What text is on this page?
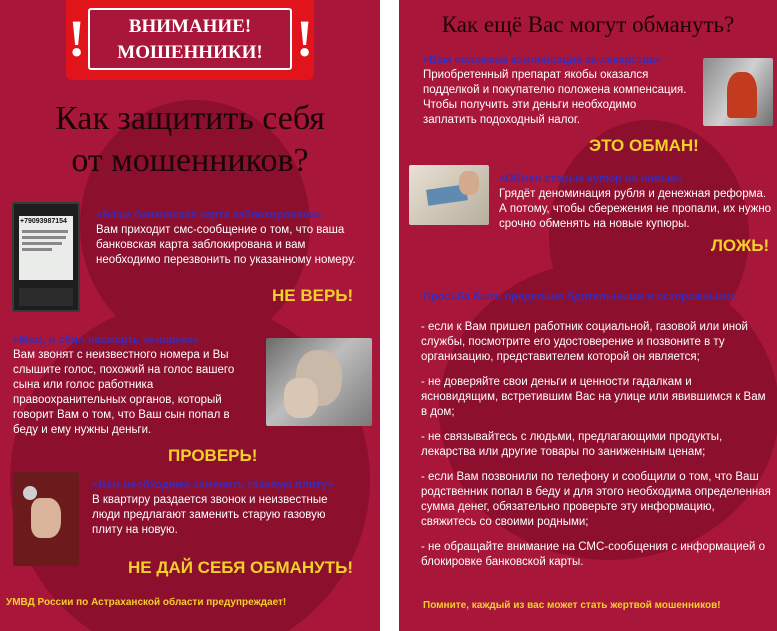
ВНИМАНИЕ!
МОШЕННИКИ!
!	!
Как защитить себя
от мошенников?
+79093987154
«Ваша банковская карта заблокирована»
Вам приходит смс-сообщение о том, что ваша банковская карта заблокирована и вам необходимо перезвонить по указанному номеру.
НЕ ВЕРЬ!
«Мам, я сбил насмерть человека»
Вам звонят с неизвестного номера и Вы слышите голос, похожий на голос вашего сына или голос работника правоохранительных органов, который говорит Вам о том, что Ваш сын попал в беду и ему нужны деньги.
ПРОВЕРЬ!
«Вам необходимо заменить газовую плиту»
В квартиру раздается звонок и неизвестные люди предлагают заменить старую газовую плиту на новую.
НЕ ДАЙ СЕБЯ ОБМАНУТЬ!
УМВД России по Астраханской области предупреждает!
Как ещё Вас могут обмануть?
«Вам положена компенсация за лекарства»
Приобретенный препарат якобы оказался подделкой и покупателю положена компенсация. Чтобы получить эти деньги необходимо заплатить подоходный налог.
ЭТО ОБМАН!
«Обмен старых купюр на новые»
Грядёт деноминация рубля и денежная реформа. А потому, чтобы сбережения не пропали, их нужно срочно обменять на новые купюры.
ЛОЖЬ!
Просьба быть предельно бдительными и осторожными:
- если к Вам пришел работник социальной, газовой или иной службы, посмотрите его удостоверение и позвоните в ту организацию, представителем которой он является;
- не доверяйте свои деньги и ценности гадалкам и ясновидящим, встретившим Вас на улице или явившимся к Вам в дом;
- не связывайтесь с людьми, предлагающими продукты, лекарства или другие товары по заниженным ценам;
- если Вам позвонили по телефону и сообщили о том, что Ваш родственник попал в беду и для этого необходима определенная сумма денег, обязательно проверьте эту информацию, свяжитесь со своими родными;
- не обращайте внимание на СМС-сообщения с информацией о блокировке банковской карты.
Помните, каждый из вас может стать жертвой мошенников!
